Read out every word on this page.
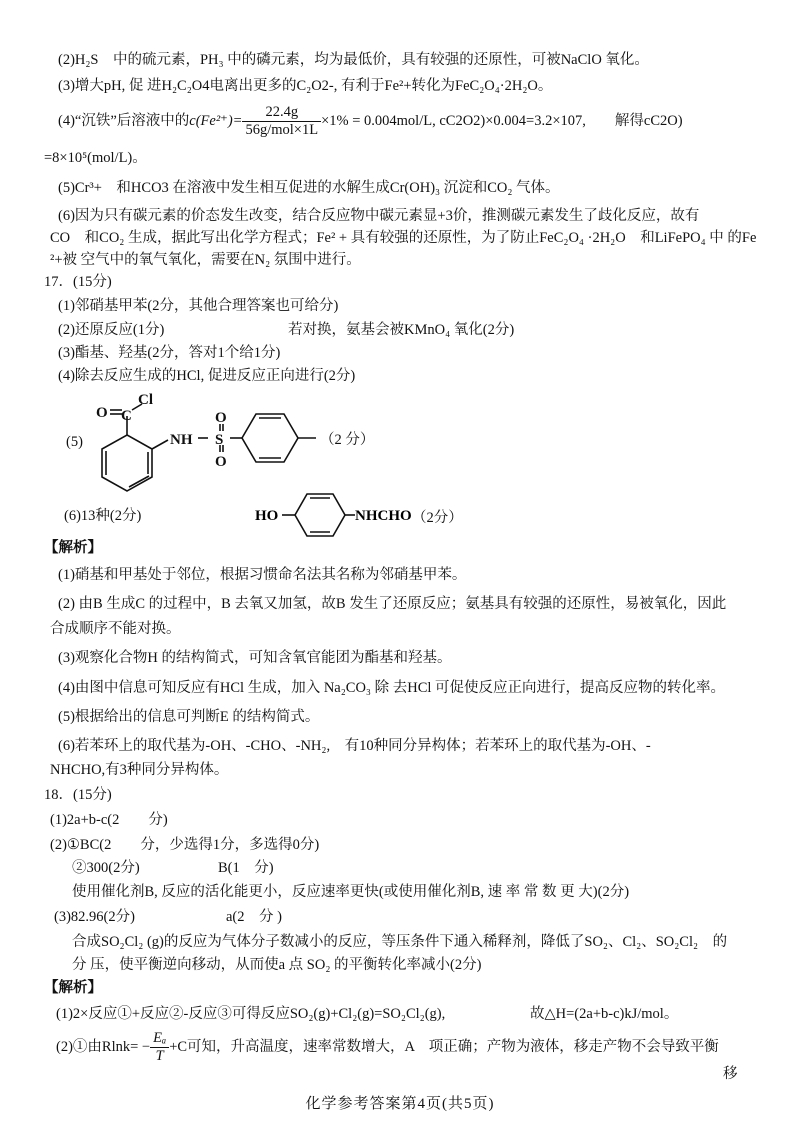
(2)H₂S　中的硫元素，PH₃ 中的磷元素，均为最低价，具有较强的还原性，可被NaClO 氧化。
(3)增大pH, 促 进H₂C₂O4电离出更多的C₂O2-, 有利于Fe²+转化为FeC₂O₄·2H₂O。
(4)“沉铁”后溶液中的$c(Fe^{2+})= \frac{22.4g}{\text{56g/mol×1L}} \times 1\% = 0.004mol/L$, cC2O2)×0.004=3.2×107,　　解得cC2O)
=8×10⁵(mol/L)。
(5)Cr³+　和HCO3 在溶液中发生相互促进的水解生成Cr(OH)₃ 沉淀和CO₂ 气体。
(6)因为只有碳元素的价态发生改变，结合反应物中碳元素显+3价，推测碳元素发生了歧化反应，故有
CO　和CO₂ 生成，据此写出化学方程式；Fe² + 具有较强的还原性，为了防止FeC₂O₄ ·2H₂O　和LiFePO₄ 中 的Fe
²+被 空气中的氧气氧化，需要在N₂ 氛围中进行。
17．(15分)
(1)邻硝基甲苯(2分，其他合理答案也可给分)
(2)还原反应(1分)	若对换，氨基会被KMnO₄ 氧化(2分)
(3)酯基、羟基(2分，答对1个给1分)
(4)除去反应生成的HCl, 促进反应正向进行(2分)
(5)
O C
Cl
NH S
O
O
（2 分）
(6)13种(2分)	HO	NHCHO （2分）
【解析】
(1)硝基和甲基处于邻位，根据习惯命名法其名称为邻硝基甲苯。
(2) 由B 生成C 的过程中，B 去氧又加氢，故B 发生了还原反应；氨基具有较强的还原性，易被氧化，因此
合成顺序不能对换。
(3)观察化合物H 的结构简式，可知含氧官能团为酯基和羟基。
(4)由图中信息可知反应有HCl 生成，加入 Na₂CO₃ 除 去HCl 可促使反应正向进行，提高反应物的转化率。
(5)根据给出的信息可判断E 的结构简式。
(6)若苯环上的取代基为-OH、-CHO、-NH₂,　有10种同分异构体；若苯环上的取代基为-OH、-
NHCHO,有3种同分异构体。
18．(15分)
(1)2a+b-c(2　　分)
(2)①BC(2　　分，少选得1分，多选得0分)
②300(2分)	B(1　分)
使用催化剂B, 反应的活化能更小，反应速率更快(或使用催化剂B, 速 率 常 数 更 大)(2分)
(3)82.96(2分)	a(2　分 )
合成SO₂Cl₂ (g)的反应为气体分子数减小的反应，等压条件下通入稀释剂，降低了SO₂、Cl₂、SO₂Cl₂　的
分 压，使平衡逆向移动，从而使a 点 SO₂ 的平衡转化率减小(2分)
【解析】
(1)2×反应①+反应②-反应③可得反应SO₂(g)+Cl₂(g)=SO₂Cl₂(g),	故△H=(2a+b-c)kJ/mol。
(2)①由$Rlnk= - \frac{\text{Eₐ}}{T} +C$可知，升高温度，速率常数增大，A　项正确；产物为液体，移走产物不会导致平衡
移
化学参考答案第4页(共5页)
